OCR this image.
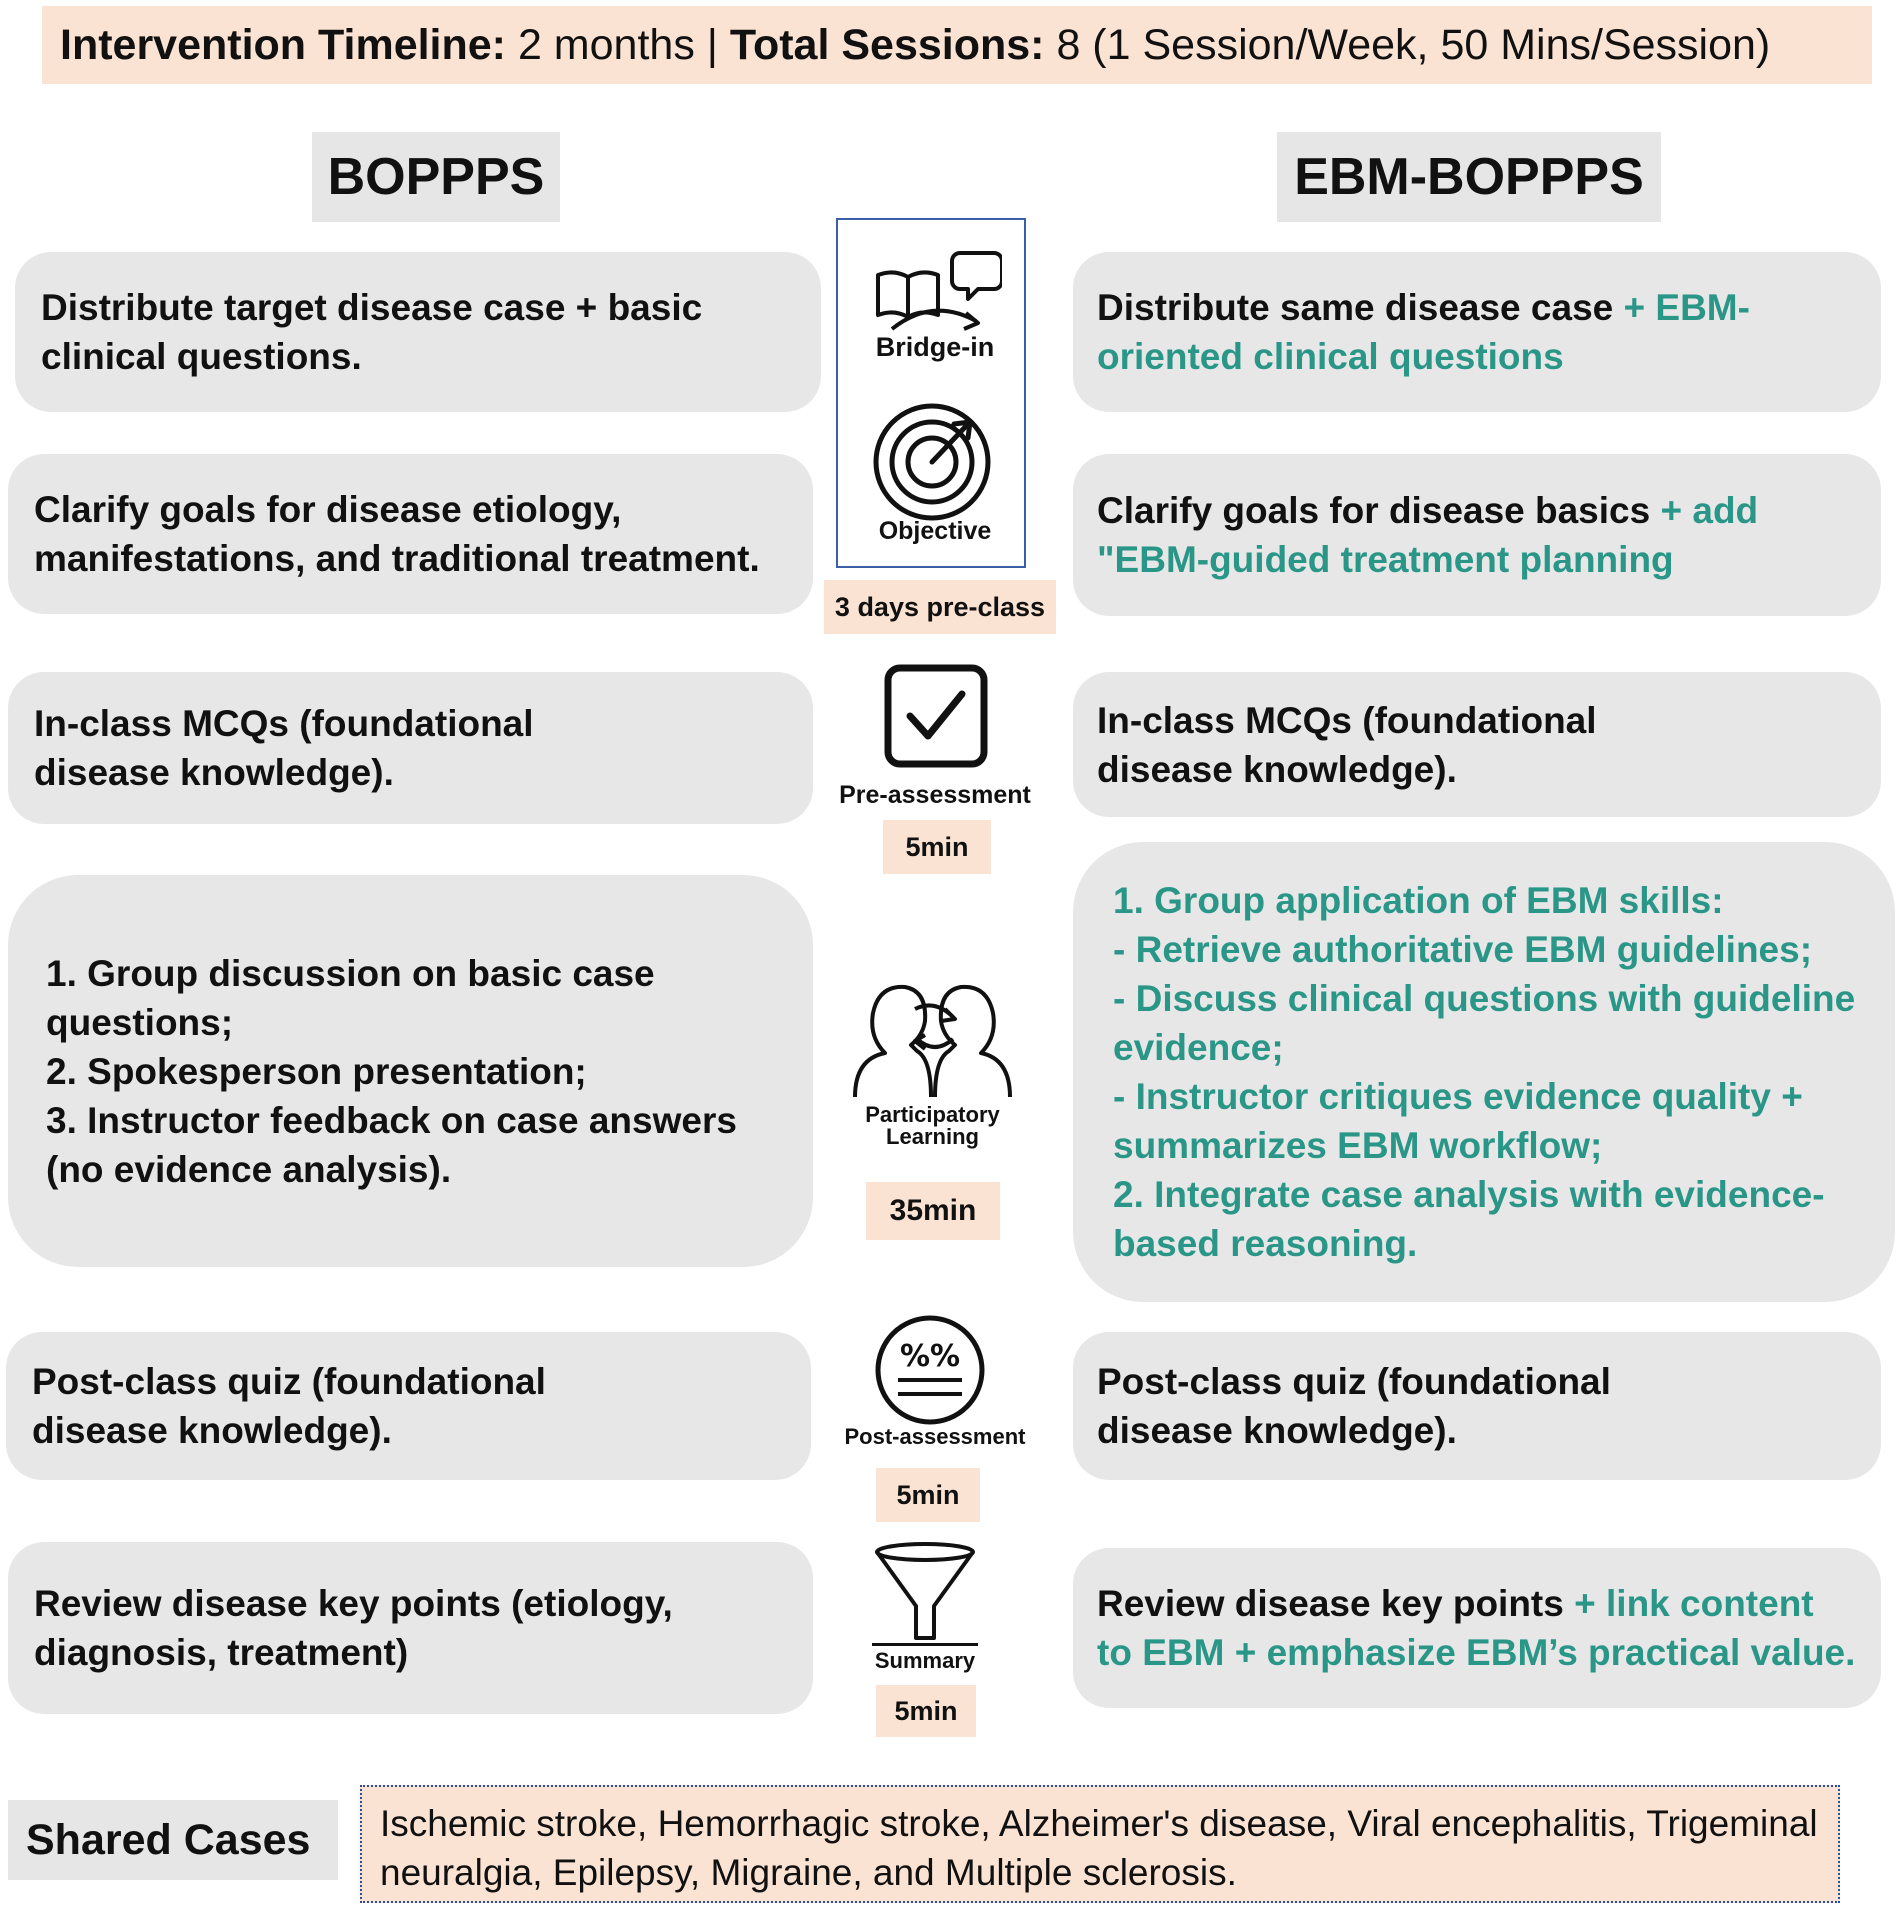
Intervention Timeline: 2 months | Total Sessions: 8 (1 Session/Week, 50 Mins/Session)
BOPPPS	EBM-BOPPPS
Bridge-in
Objective
3 days pre-class
Pre-assessment
5min
Participatory
Learning
35min
%%
Post-assessment
5min
Summary
5min
Distribute target disease case + basic clinical questions.
Clarify goals for disease etiology, manifestations, and traditional treatment.
In-class MCQs (foundational disease knowledge).
1. Group discussion on basic case questions;
2. Spokesperson presentation;
3. Instructor feedback on case answers (no evidence analysis).
Post-class quiz (foundational disease knowledge).
Review disease key points (etiology, diagnosis, treatment)
Distribute same disease case + EBM-oriented clinical questions
Clarify goals for disease basics + add "EBM-guided treatment planning
In-class MCQs (foundational disease knowledge).
1. Group application of EBM skills:
- Retrieve authoritative EBM guidelines;
- Discuss clinical questions with guideline evidence;
- Instructor critiques evidence quality + summarizes EBM workflow;
2. Integrate case analysis with evidence-based reasoning.
Post-class quiz (foundational disease knowledge).
Review disease key points + link content to EBM + emphasize EBM’s practical value.
Shared Cases	Ischemic stroke, Hemorrhagic stroke, Alzheimer's disease, Viral encephalitis, Trigeminal neuralgia, Epilepsy, Migraine, and Multiple sclerosis.
